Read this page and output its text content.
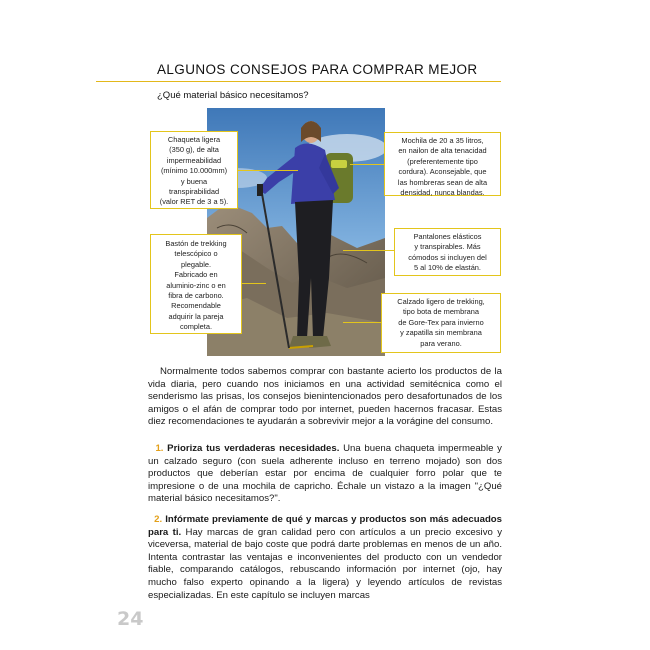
ALGUNOS CONSEJOS PARA COMPRAR MEJOR
¿Qué material básico necesitamos?
Chaqueta ligera
(350 g), de alta
impermeabilidad
(mínimo 10.000mm)
y buena
transpirabilidad
(valor RET de 3 a 5).
Mochila de 20 a 35 litros,
en nailon de alta tenacidad
(preferentemente tipo
cordura). Aconsejable, que
las hombreras sean de alta
densidad, nunca blandas.
Bastón de trekking
telescópico o
plegable.
Fabricado en
aluminio-zinc o en
fibra de carbono.
Recomendable
adquirir la pareja
completa.
Pantalones elásticos
y transpirables. Más
cómodos si incluyen del
5 al 10% de elastán.
Calzado ligero de trekking,
tipo bota de membrana
de Gore-Tex para invierno
y zapatilla sin membrana
para verano.
Normalmente todos sabemos comprar con bastante acierto los productos de la vida diaria, pero cuando nos iniciamos en una actividad semitécnica como el senderismo las prisas, los consejos bienintencionados pero desafortunados de los amigos o el afán de comprar todo por internet, pueden hacernos fracasar. Estas diez recomendaciones te ayudarán a sobrevivir mejor a la vorágine del consumo.
1. Prioriza tus verdaderas necesidades. Una buena chaqueta impermeable y un calzado seguro (con suela adherente incluso en terreno mojado) son dos productos que deberían estar por encima de cualquier forro polar que te impresione o de una mochila de capricho. Échale un vistazo a la imagen "¿Qué material básico necesitamos?".
2. Infórmate previamente de qué y marcas y productos son más adecuados para ti. Hay marcas de gran calidad pero con artículos a un precio excesivo y viceversa, material de bajo coste que podrá darte problemas en menos de un año. Intenta contrastar las ventajas e inconvenientes del producto con un vendedor fiable, comparando catálogos, rebuscando información por internet (ojo, hay mucho falso experto opinando a la ligera) y leyendo artículos de revistas especializadas. En este capítulo se incluyen marcas
24
